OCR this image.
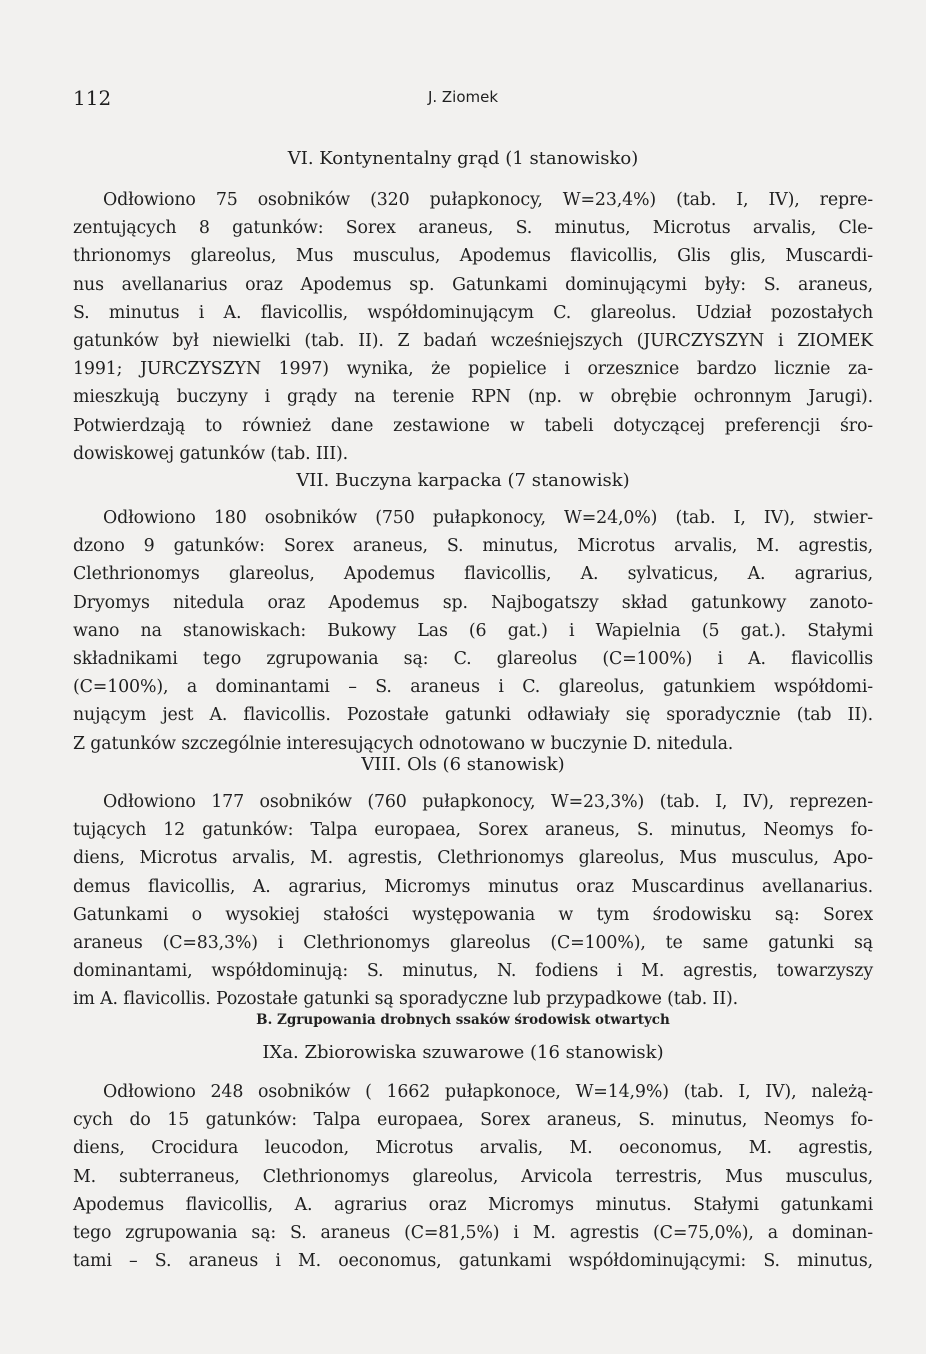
112	J. Ziomek
VI. Kontynentalny grąd (1 stanowisko)
Odłowiono 75 osobników (320 pułapkonocy, W=23,4%) (tab. I, IV), repre-
zentujących 8 gatunków: Sorex araneus, S. minutus, Microtus arvalis, Cle-
thrionomys glareolus, Mus musculus, Apodemus flavicollis, Glis glis, Muscardi-
nus avellanarius oraz Apodemus sp. Gatunkami dominującymi były: S. araneus,
S. minutus i A. flavicollis, współdominującym C. glareolus. Udział pozostałych
gatunków był niewielki (tab. II). Z badań wcześniejszych (JURCZYSZYN i ZIOMEK
1991; JURCZYSZYN 1997) wynika, że popielice i orzesznice bardzo licznie za-
mieszkują buczyny i grądy na terenie RPN (np. w obrębie ochronnym Jarugi).
Potwierdzają to również dane zestawione w tabeli dotyczącej preferencji śro-
dowiskowej gatunków (tab. III).
VII. Buczyna karpacka (7 stanowisk)
Odłowiono 180 osobników (750 pułapkonocy, W=24,0%) (tab. I, IV), stwier-
dzono 9 gatunków: Sorex araneus, S. minutus, Microtus arvalis, M. agrestis,
Clethrionomys glareolus, Apodemus flavicollis, A. sylvaticus, A. agrarius,
Dryomys nitedula oraz Apodemus sp. Najbogatszy skład gatunkowy zanoto-
wano na stanowiskach: Bukowy Las (6 gat.) i Wapielnia (5 gat.). Stałymi
składnikami tego zgrupowania są: C. glareolus (C=100%) i A. flavicollis
(C=100%), a dominantami – S. araneus i C. glareolus, gatunkiem współdomi-
nującym jest A. flavicollis. Pozostałe gatunki odławiały się sporadycznie (tab II).
Z gatunków szczególnie interesujących odnotowano w buczynie D. nitedula.
VIII. Ols (6 stanowisk)
Odłowiono 177 osobników (760 pułapkonocy, W=23,3%) (tab. I, IV), reprezen-
tujących 12 gatunków: Talpa europaea, Sorex araneus, S. minutus, Neomys fo-
diens, Microtus arvalis, M. agrestis, Clethrionomys glareolus, Mus musculus, Apo-
demus flavicollis, A. agrarius, Micromys minutus oraz Muscardinus avellanarius.
Gatunkami o wysokiej stałości występowania w tym środowisku są: Sorex
araneus (C=83,3%) i Clethrionomys glareolus (C=100%), te same gatunki są
dominantami, współdominują: S. minutus, N. fodiens i M. agrestis, towarzyszy
im A. flavicollis. Pozostałe gatunki są sporadyczne lub przypadkowe (tab. II).
B. Zgrupowania drobnych ssaków środowisk otwartych
IXa. Zbiorowiska szuwarowe (16 stanowisk)
Odłowiono 248 osobników ( 1662 pułapkonoce, W=14,9%) (tab. I, IV), należą-
cych do 15 gatunków: Talpa europaea, Sorex araneus, S. minutus, Neomys fo-
diens, Crocidura leucodon, Microtus arvalis, M. oeconomus, M. agrestis,
M. subterraneus, Clethrionomys glareolus, Arvicola terrestris, Mus musculus,
Apodemus flavicollis, A. agrarius oraz Micromys minutus. Stałymi gatunkami
tego zgrupowania są: S. araneus (C=81,5%) i M. agrestis (C=75,0%), a dominan-
tami – S. araneus i M. oeconomus, gatunkami współdominującymi: S. minutus,
